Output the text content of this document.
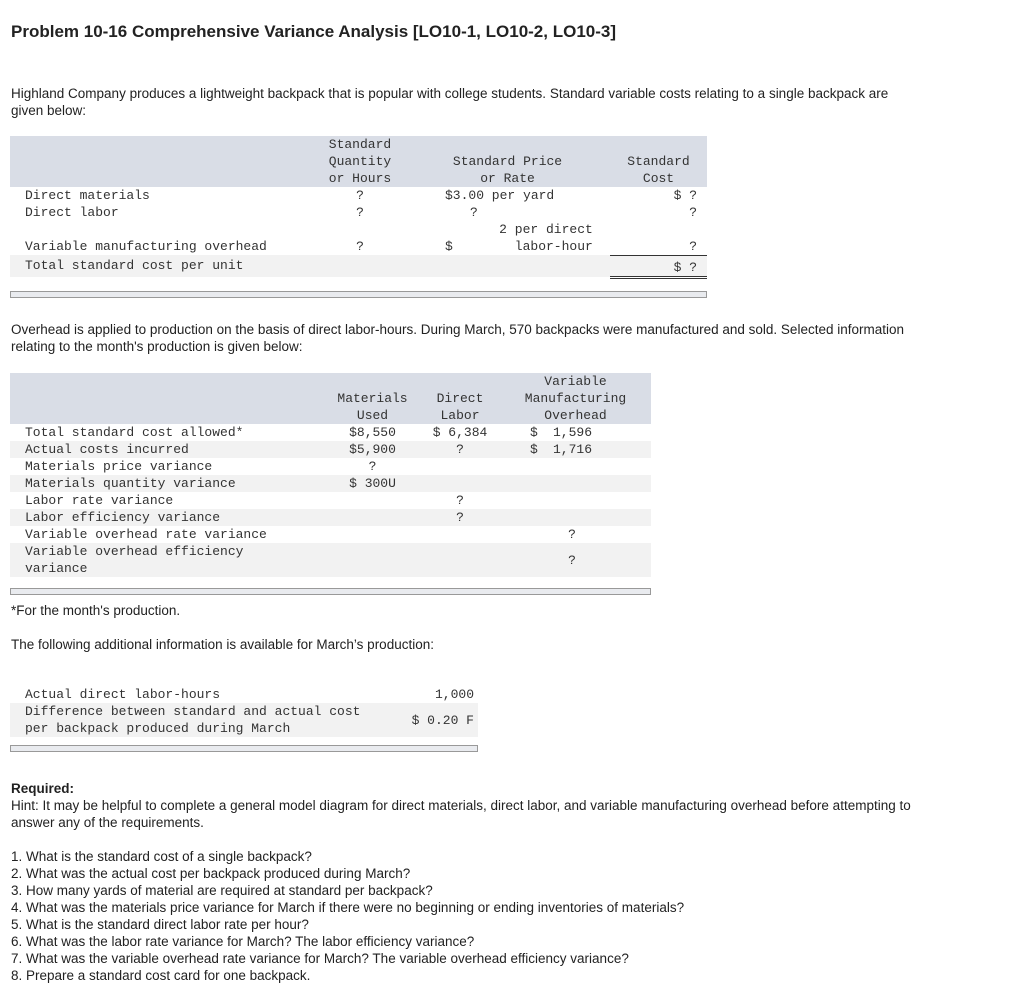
Problem 10-16 Comprehensive Variance Analysis [LO10-1, LO10-2, LO10-3]

Highland Company produces a lightweight backpack that is popular with college students. Standard variable costs relating to a single backpack are given below:

	Standard Quantity or Hours	Standard Price or Rate	Standard Cost
Direct materials	?	$3.00 per yard	$ ?
Direct labor	?	?	?
Variable manufacturing overhead	?	$2 per direct labor-hour	?
Total standard cost per unit			$ ?

Overhead is applied to production on the basis of direct labor-hours. During March, 570 backpacks were manufactured and sold. Selected information relating to the month's production is given below:

	Materials Used	Direct Labor	Variable Manufacturing Overhead

Total standard cost allowed*	$8,550	$ 6,384	$ 1,596

Actual costs incurred	$5,900	?	$ 1,716

Materials price variance	?		

Materials quantity variance	$ 300U		

Labor rate variance		?	

Labor efficiency variance		?	

Variable overhead rate variance			?

Variable overhead efficiency variance			?

*For the month's production.

The following additional information is available for March’s production:

Actual direct labor-hours	1,000

Difference between standard and actual cost per backpack produced during March	$ 0.20 F

Required:

Hint: It may be helpful to complete a general model diagram for direct materials, direct labor, and variable manufacturing overhead before attempting to answer any of the requirements.

1. What is the standard cost of a single backpack?
2. What was the actual cost per backpack produced during March?
3. How many yards of material are required at standard per backpack?
4. What was the materials price variance for March if there were no beginning or ending inventories of materials?
5. What is the standard direct labor rate per hour?
6. What was the labor rate variance for March? The labor efficiency variance?
7. What was the variable overhead rate variance for March? The variable overhead efficiency variance?
8. Prepare a standard cost card for one backpack.
